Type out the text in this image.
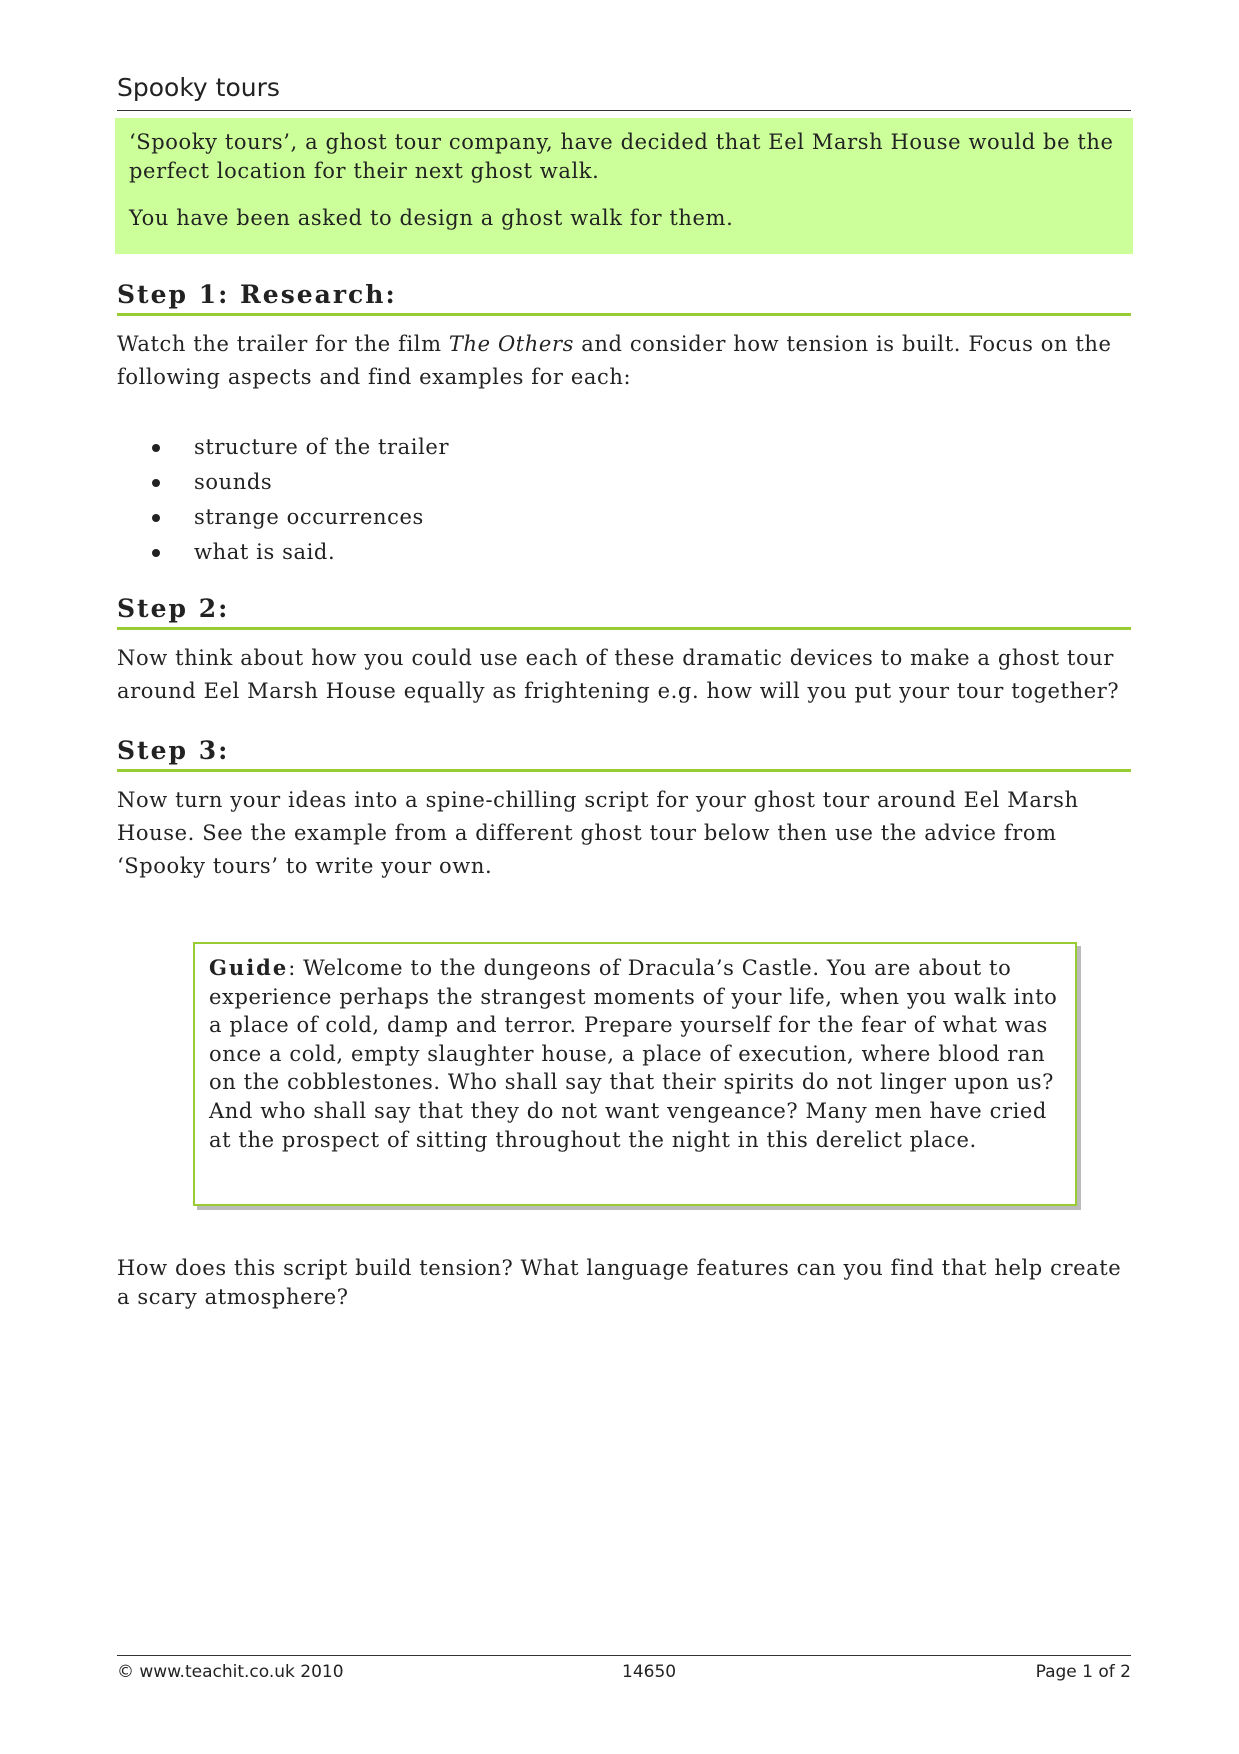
Spooky tours

‘Spooky tours’, a ghost tour company, have decided that Eel Marsh House would be the perfect location for their next ghost walk.

You have been asked to design a ghost walk for them.

Step 1: Research:

Watch the trailer for the film The Others and consider how tension is built. Focus on the following aspects and find examples for each:

structure of the trailer
sounds
strange occurrences
what is said.
Step 2:

Now think about how you could use each of these dramatic devices to make a ghost tour around Eel Marsh House equally as frightening e.g. how will you put your tour together?

Step 3:

Now turn your ideas into a spine-chilling script for your ghost tour around Eel Marsh House. See the example from a different ghost tour below then use the advice from ‘Spooky tours’ to write your own.

Guide: Welcome to the dungeons of Dracula’s Castle. You are about to experience perhaps the strangest moments of your life, when you walk into a place of cold, damp and terror. Prepare yourself for the fear of what was once a cold, empty slaughter house, a place of execution, where blood ran on the cobblestones. Who shall say that their spirits do not linger upon us? And who shall say that they do not want vengeance? Many men have cried at the prospect of sitting throughout the night in this derelict place.

How does this script build tension? What language features can you find that help create a scary atmosphere?

© www.teachit.co.uk 2010	14650	Page 1 of 2
